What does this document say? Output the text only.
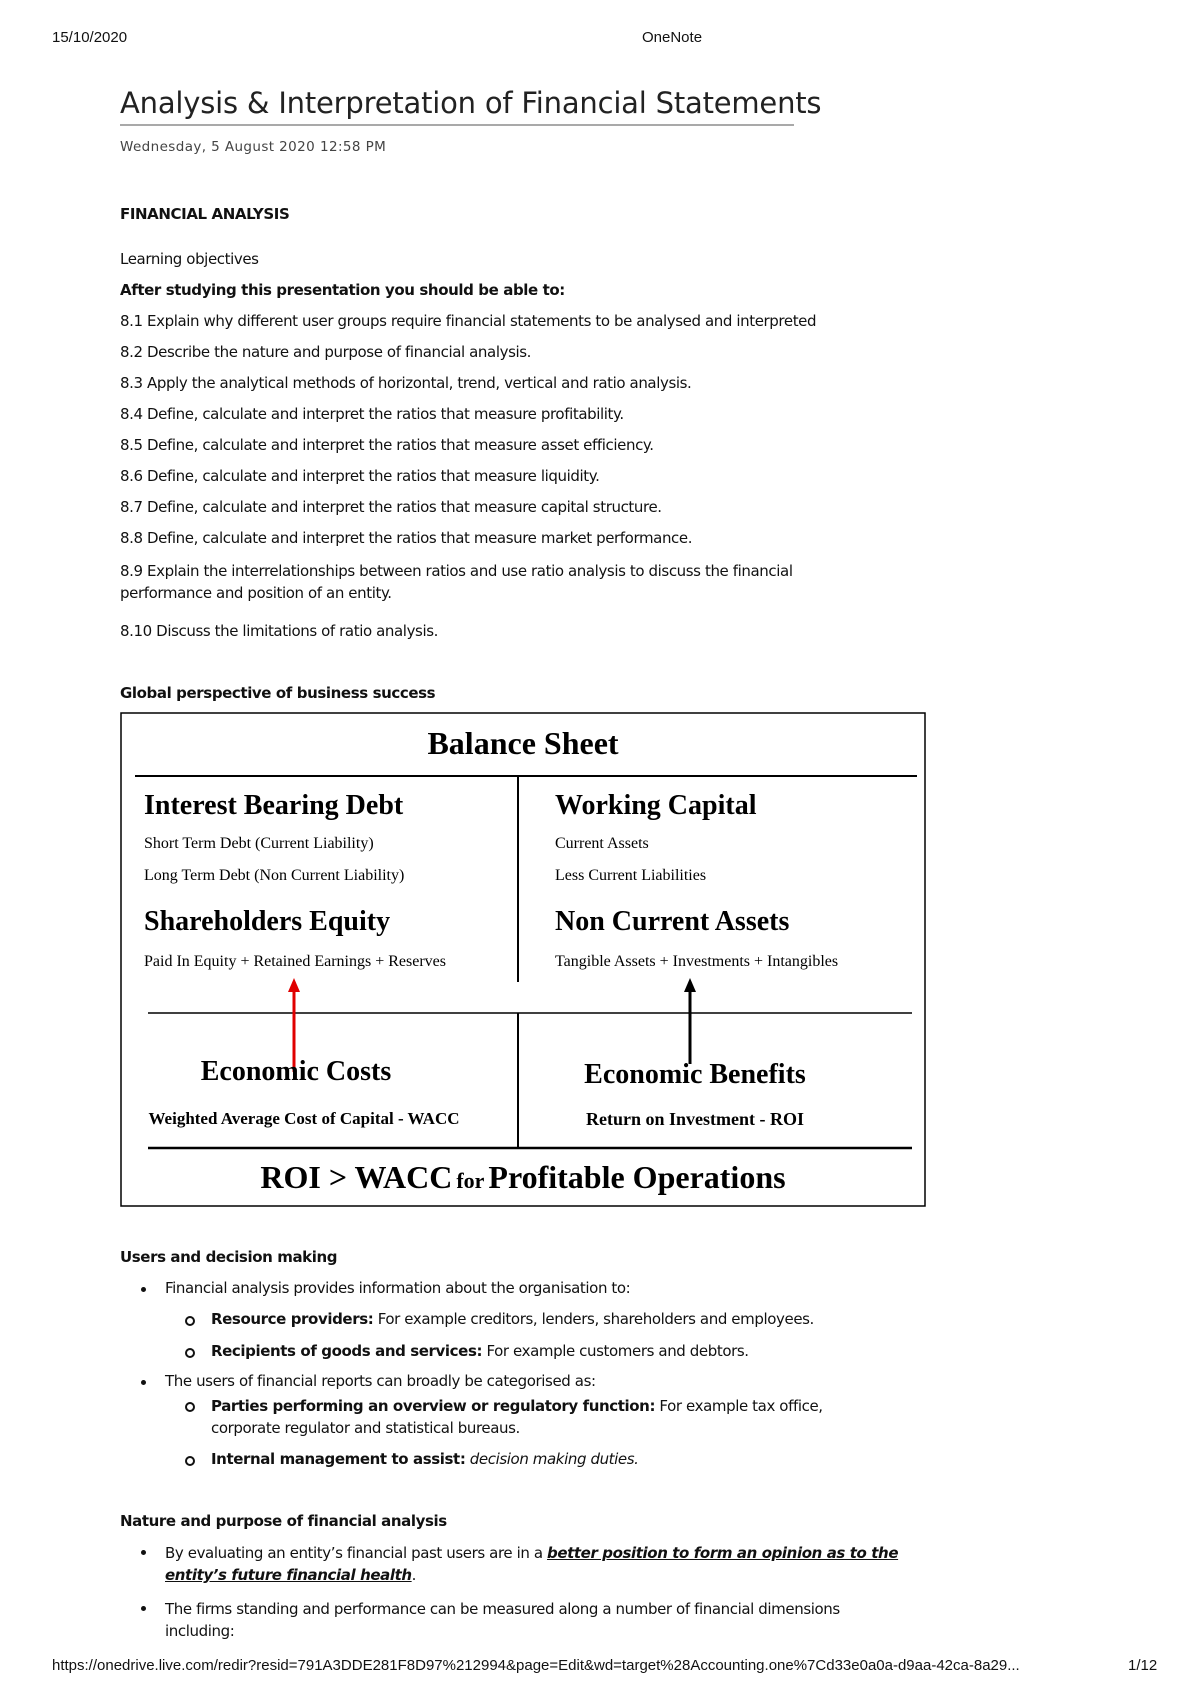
15/10/2020	OneNote
https://onedrive.live.com/redir?resid=791A3DDE281F8D97%212994&page=Edit&wd=target%28Accounting.one%7Cd33e0a0a-d9aa-42ca-8a29...	1/12
Analysis & Interpretation of Financial Statements
Wednesday, 5 August 2020 12:58 PM
FINANCIAL ANALYSIS
Learning objectives
After studying this presentation you should be able to:
8.1 Explain why different user groups require financial statements to be analysed and interpreted
8.2 Describe the nature and purpose of financial analysis.
8.3 Apply the analytical methods of horizontal, trend, vertical and ratio analysis.
8.4 Define, calculate and interpret the ratios that measure profitability.
8.5 Define, calculate and interpret the ratios that measure asset efficiency.
8.6 Define, calculate and interpret the ratios that measure liquidity.
8.7 Define, calculate and interpret the ratios that measure capital structure.
8.8 Define, calculate and interpret the ratios that measure market performance.
8.9 Explain the interrelationships between ratios and use ratio analysis to discuss the financial performance and position of an entity.
8.10 Discuss the limitations of ratio analysis.
Global perspective of business success
Balance Sheet
Interest Bearing Debt
Short Term Debt (Current Liability)
Long Term Debt (Non Current Liability)
Working Capital
Current Assets
Less Current Liabilities
Shareholders Equity
Paid In Equity + Retained Earnings + Reserves
Non Current Assets
Tangible Assets + Investments + Intangibles
Economic Costs
Weighted Average Cost of Capital - WACC
Economic Benefits
Return on Investment - ROI
ROI > WACC for Profitable Operations
Users and decision making
Financial analysis provides information about the organisation to:
Resource providers: For example creditors, lenders, shareholders and employees.
Recipients of goods and services: For example customers and debtors.
The users of financial reports can broadly be categorised as:
Parties performing an overview or regulatory function: For example tax office, corporate regulator and statistical bureaus.
Internal management to assist: decision making duties.
Nature and purpose of financial analysis
By evaluating an entity’s financial past users are in a better position to form an opinion as to the entity’s future financial health.
The firms standing and performance can be measured along a number of financial dimensions including:
